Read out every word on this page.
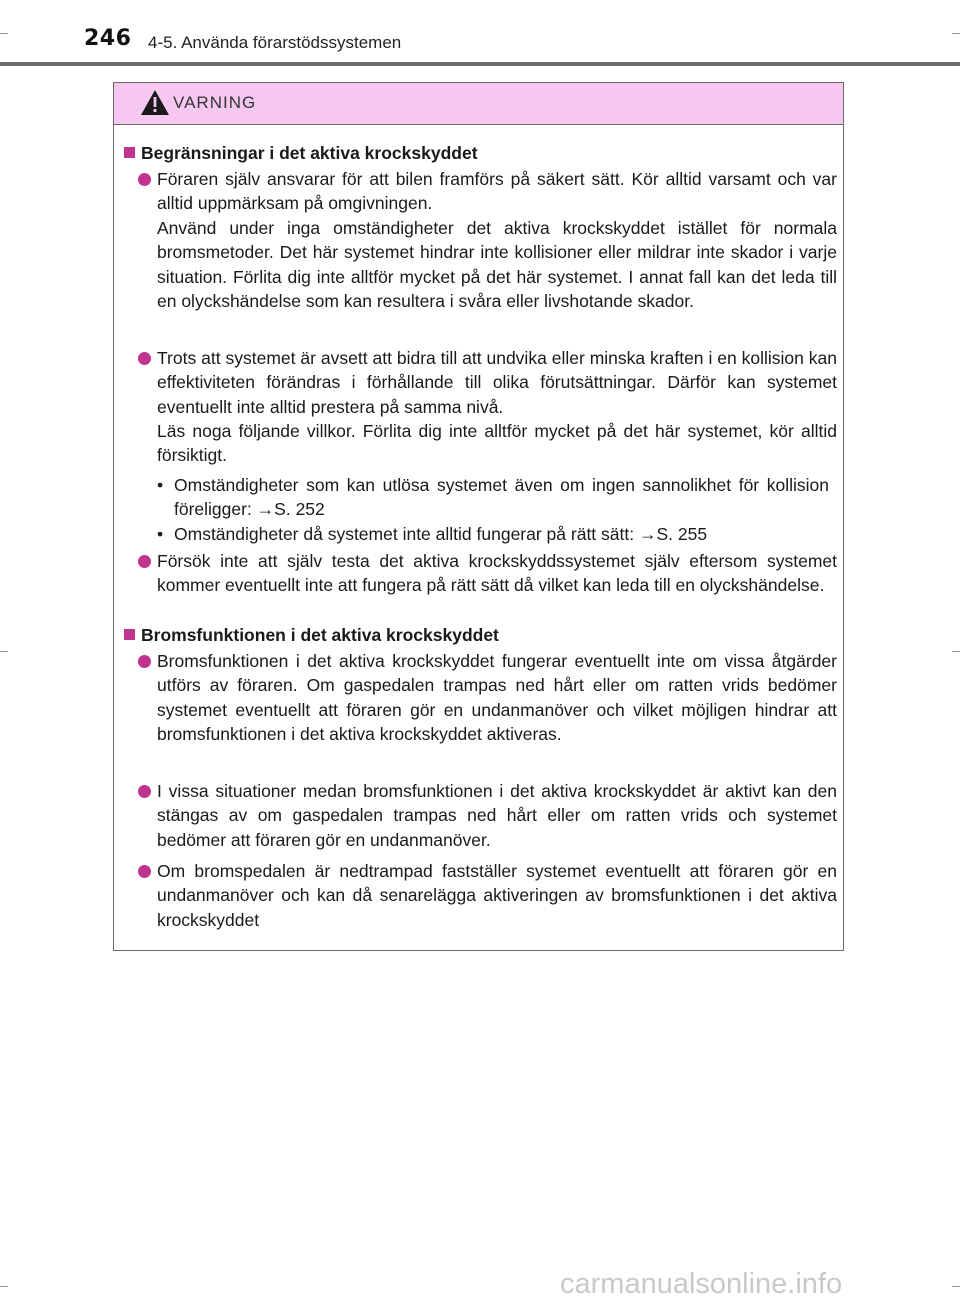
246 4-5. Använda förarstödssystemen
VARNING
Begränsningar i det aktiva krockskyddet

Föraren själv ansvarar för att bilen framförs på säkert sätt. Kör alltid varsamt och var alltid uppmärksam på omgivningen.

Använd under inga omständigheter det aktiva krockskyddet istället för normala bromsmetoder. Det här systemet hindrar inte kollisioner eller mildrar inte skador i varje situation. Förlita dig inte alltför mycket på det här systemet. I annat fall kan det leda till en olyckshändelse som kan resultera i svåra eller livshotande skador.

Trots att systemet är avsett att bidra till att undvika eller minska kraften i en kollision kan effektiviteten förändras i förhållande till olika förutsättningar. Därför kan systemet eventuellt inte alltid prestera på samma nivå.

Läs noga följande villkor. Förlita dig inte alltför mycket på det här systemet, kör alltid försiktigt.

• Omständigheter som kan utlösa systemet även om ingen sannolikhet för kollision föreligger: →S. 252
• Omständigheter då systemet inte alltid fungerar på rätt sätt: →S. 255

Försök inte att själv testa det aktiva krockskyddssystemet själv eftersom systemet kommer eventuellt inte att fungera på rätt sätt då vilket kan leda till en olyckshändelse.

Bromsfunktionen i det aktiva krockskyddet

Bromsfunktionen i det aktiva krockskyddet fungerar eventuellt inte om vissa åtgärder utförs av föraren. Om gaspedalen trampas ned hårt eller om ratten vrids bedömer systemet eventuellt att föraren gör en undanmanöver och vilket möjligen hindrar att bromsfunktionen i det aktiva krockskyddet aktiveras.

I vissa situationer medan bromsfunktionen i det aktiva krockskyddet är aktivt kan den stängas av om gaspedalen trampas ned hårt eller om ratten vrids och systemet bedömer att föraren gör en undanmanöver.

Om bromspedalen är nedtrampad fastställer systemet eventuellt att föraren gör en undanmanöver och kan då senarelägga aktiveringen av bromsfunktionen i det aktiva krockskyddet

carmanualsonline.info
